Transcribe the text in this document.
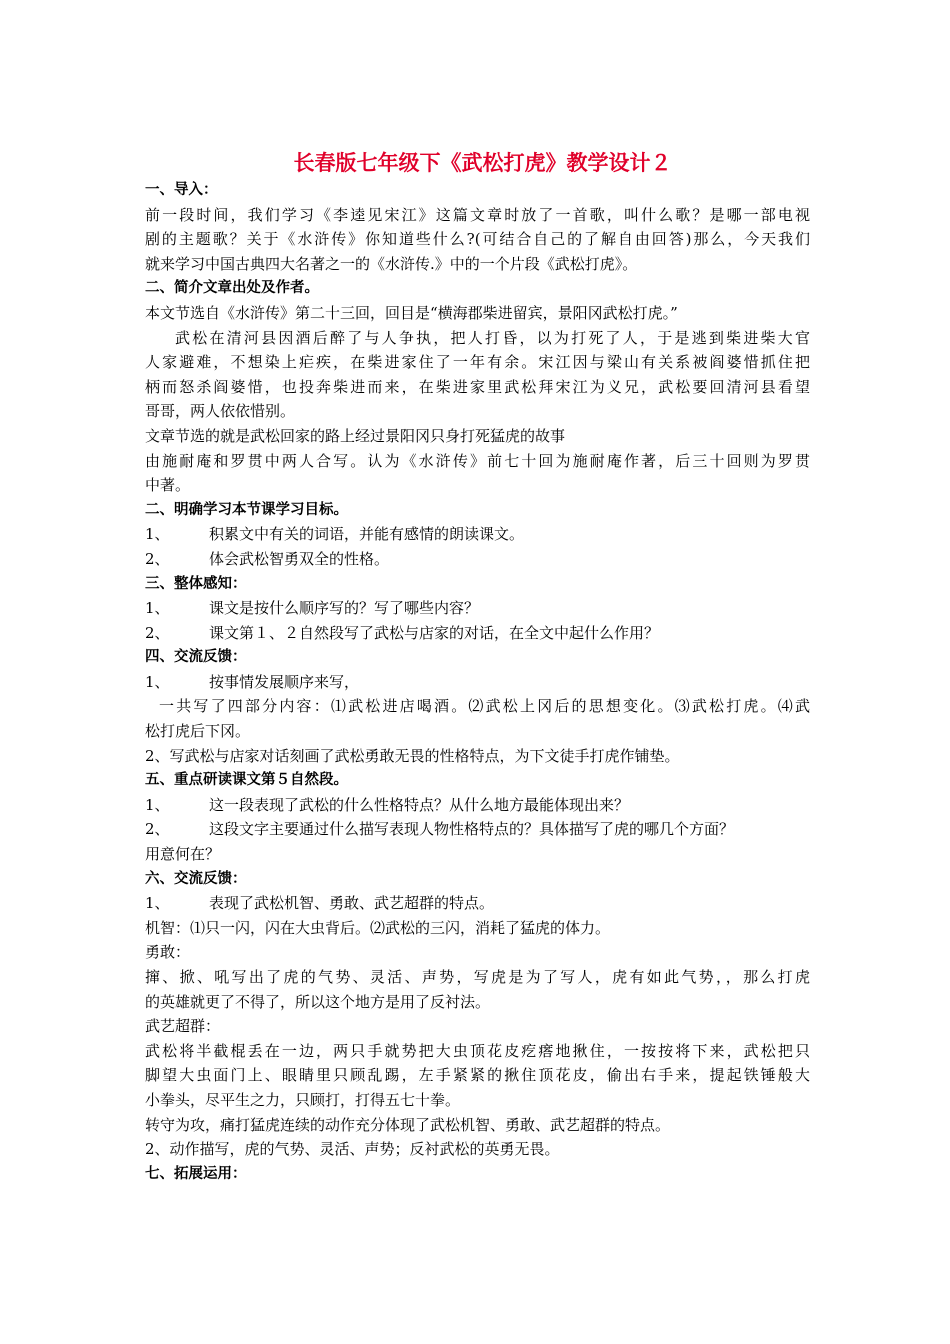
长春版七年级下《武松打虎》教学设计２
一、导入：
前一段时间，我们学习《李逵见宋江》这篇文章时放了一首歌，叫什么歌？是哪一部电视
剧的主题歌？关于《水浒传》你知道些什么?(可结合自己的了解自由回答)那么，今天我们
就来学习中国古典四大名著之一的《水浒传.》中的一个片段《武松打虎》。
二、简介文章出处及作者。
本文节选自《水浒传》第二十三回，回目是“横海郡柴进留宾，景阳冈武松打虎。”
武松在清河县因酒后醉了与人争执，把人打昏，以为打死了人，于是逃到柴进柴大官
人家避难，不想染上疟疾，在柴进家住了一年有余。宋江因与梁山有关系被阎婆惜抓住把
柄而怒杀阎婆惜，也投奔柴进而来，在柴进家里武松拜宋江为义兄，武松要回清河县看望
哥哥，两人依依惜别。
文章节选的就是武松回家的路上经过景阳冈只身打死猛虎的故事
由施耐庵和罗贯中两人合写。认为《水浒传》前七十回为施耐庵作著，后三十回则为罗贯
中著。
二、明确学习本节课学习目标。
1、	积累文中有关的词语，并能有感情的朗读课文。
2、	体会武松智勇双全的性格。
三、整体感知：
1、	课文是按什么顺序写的？写了哪些内容？
2、	课文第１、２自然段写了武松与店家的对话，在全文中起什么作用？
四、交流反馈：
1、	按事情发展顺序来写，
一共写了四部分内容：⑴武松进店喝酒。⑵武松上冈后的思想变化。⑶武松打虎。⑷武
松打虎后下冈。
2、写武松与店家对话刻画了武松勇敢无畏的性格特点，为下文徒手打虎作铺垫。
五、重点研读课文第５自然段。
1、	这一段表现了武松的什么性格特点？从什么地方最能体现出来？
2、	这段文字主要通过什么描写表现人物性格特点的？具体描写了虎的哪几个方面？
用意何在？
六、交流反馈：
1、	表现了武松机智、勇敢、武艺超群的特点。
机智：⑴只一闪，闪在大虫背后。⑵武松的三闪，消耗了猛虎的体力。
勇敢：
撺、掀、吼写出了虎的气势、灵活、声势，写虎是为了写人，虎有如此气势，，那么打虎
的英雄就更了不得了，所以这个地方是用了反衬法。
武艺超群：
武松将半截棍丢在一边，两只手就势把大虫顶花皮疙瘩地揪住，一按按将下来，武松把只
脚望大虫面门上、眼睛里只顾乱踢，左手紧紧的揪住顶花皮，偷出右手来，提起铁锤般大
小拳头，尽平生之力，只顾打，打得五七十拳。
转守为攻，痛打猛虎连续的动作充分体现了武松机智、勇敢、武艺超群的特点。
2、动作描写，虎的气势、灵活、声势；反衬武松的英勇无畏。
七、拓展运用：
